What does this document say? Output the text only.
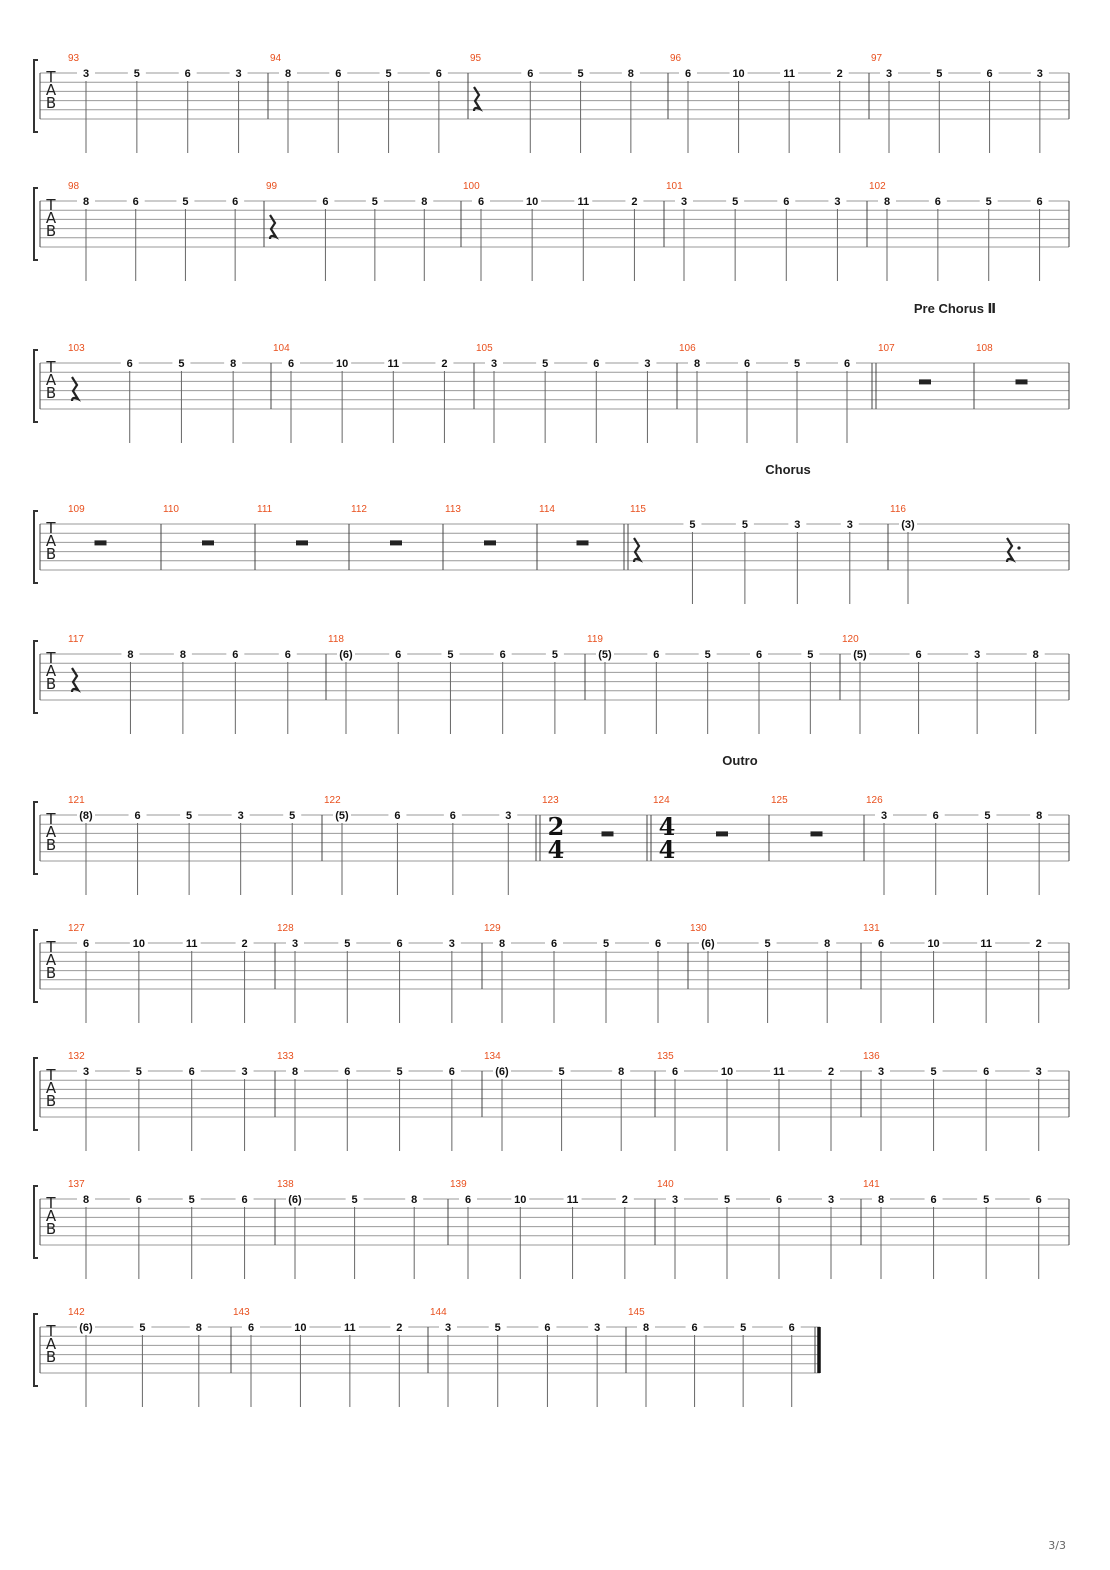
T
A
B
93
3	5	6	3
94
8	6	5	6
95
6	5	8
96
6	10	11	2
97
3	5	6	3
T
A
B
98
8	6	5	6
99
6	5	8
100
6	10	11	2
101
3	5	6	3
102
8	6	5	6
T
A
B
103
6	5	8
104
6	10	11	2
105
3	5	6	3
106
8	6	5	6
107
Pre Chorus Ⅱ
108
T
A
B
109	110	111	112	113	114	115
Chorus
5	5	3	3
116
(3)
T
A
B
117
8	8	6	6
118
(6)	6	5	6	5
119
(5)	6	5	6	5
120
(5)	6	3	8
T
A
B
121
(8)	6	5	3	5
122
(5)	6	6	3
123
2
4
124
Outro
4
4
125	126
3	6	5	8
T
A
B
127
6	10	11	2
128
3	5	6	3
129
8	6	5	6
130
(6)	5	8
131
6	10	11	2
T
A
B
132
3	5	6	3
133
8	6	5	6
134
(6)	5	8
135
6	10	11	2
136
3	5	6	3
T
A
B
137
8	6	5	6
138
(6)	5	8
139
6	10	11	2
140
3	5	6	3
141
8	6	5	6
T
A
B
142
(6)	5	8
143
6	10	11	2
144
3	5	6	3
145
8	6	5	6
3/3
